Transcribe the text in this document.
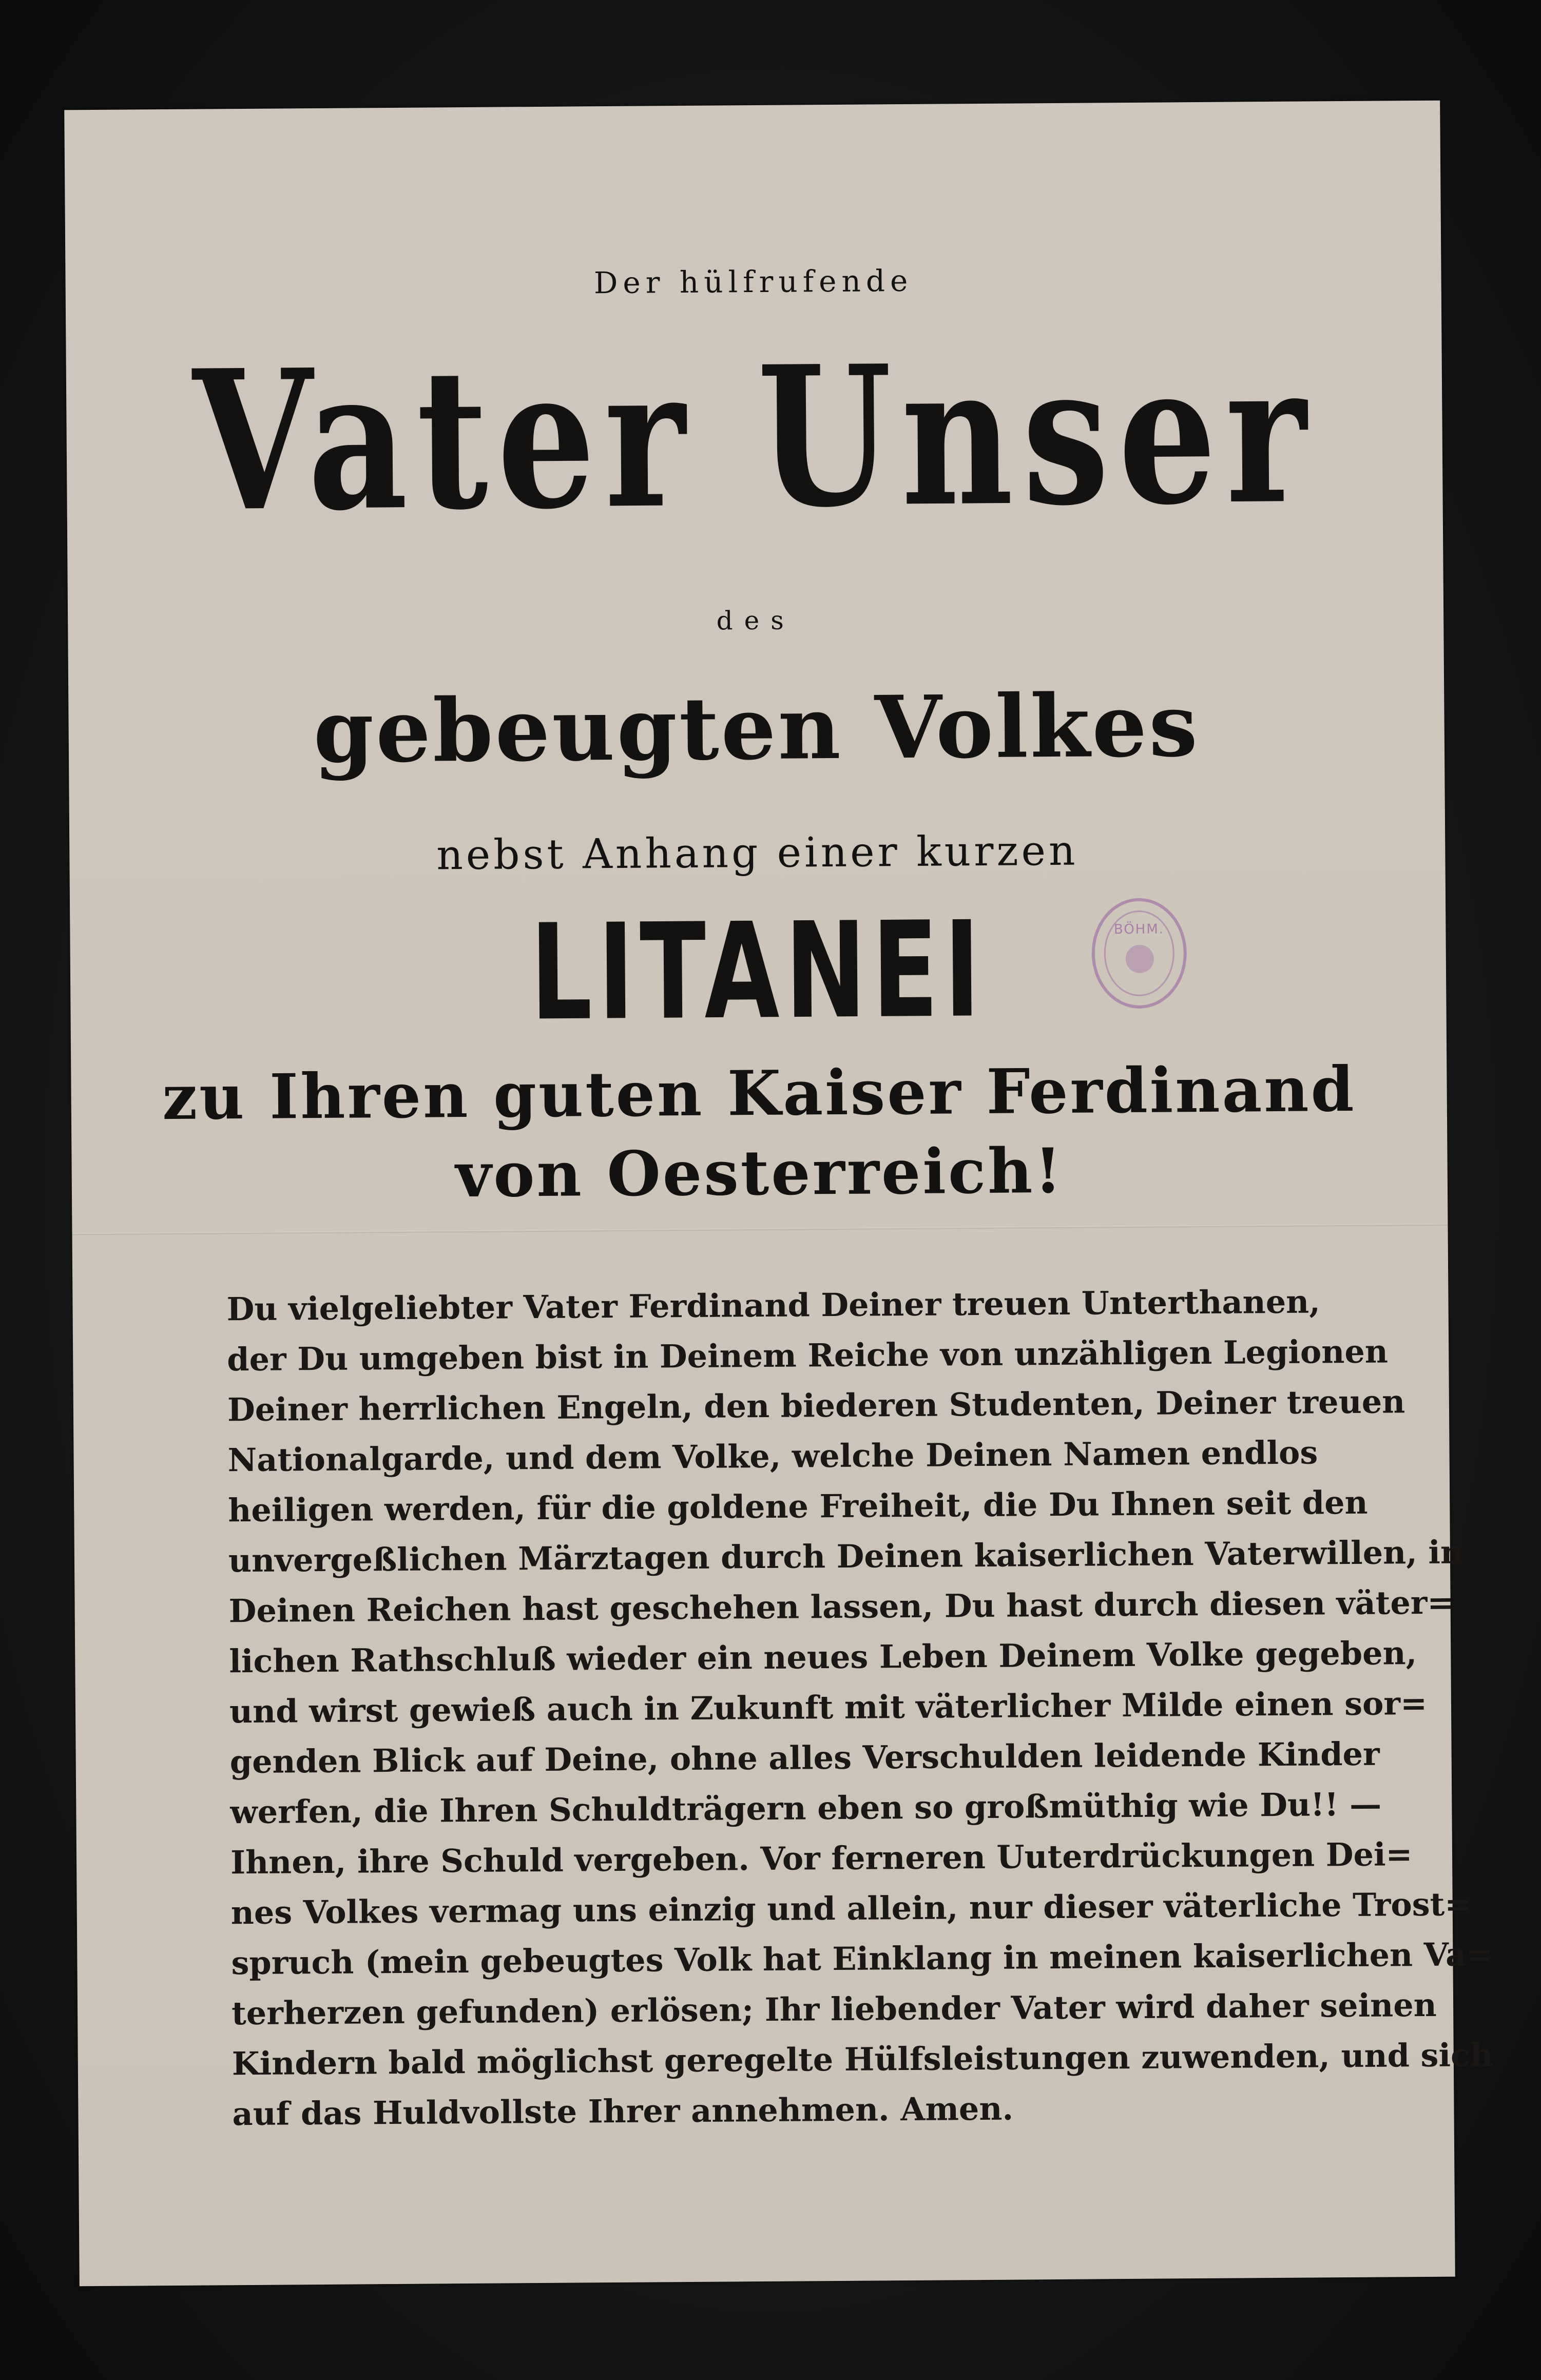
Der hülfrufende
Vater Unser
des
gebeugten Volkes
nebst Anhang einer kurzen
LITANEI
zu Ihren guten Kaiser Ferdinand
von Oesterreich!
Du vielgeliebter Vater Ferdinand Deiner treuen Unterthanen,
der Du umgeben bist in Deinem Reiche von unzähligen Legionen
Deiner herrlichen Engeln, den biederen Studenten, Deiner treuen
Nationalgarde, und dem Volke, welche Deinen Namen endlos
heiligen werden, für die goldene Freiheit, die Du Ihnen seit den
unvergeßlichen Märztagen durch Deinen kaiserlichen Vaterwillen, in
Deinen Reichen hast geschehen lassen, Du hast durch diesen väter=
lichen Rathschluß wieder ein neues Leben Deinem Volke gegeben,
und wirst gewieß auch in Zukunft mit väterlicher Milde einen sor=
genden Blick auf Deine, ohne alles Verschulden leidende Kinder
werfen, die Ihren Schuldträgern eben so großmüthig wie Du!! —
Ihnen, ihre Schuld vergeben. Vor ferneren Uuterdrückungen Dei=
nes Volkes vermag uns einzig und allein, nur dieser väterliche Trost=
spruch (mein gebeugtes Volk hat Einklang in meinen kaiserlichen Va=
terherzen gefunden) erlösen; Ihr liebender Vater wird daher seinen
Kindern bald möglichst geregelte Hülfsleistungen zuwenden, und sich
auf das Huldvollste Ihrer annehmen. Amen.
BÖHM.
